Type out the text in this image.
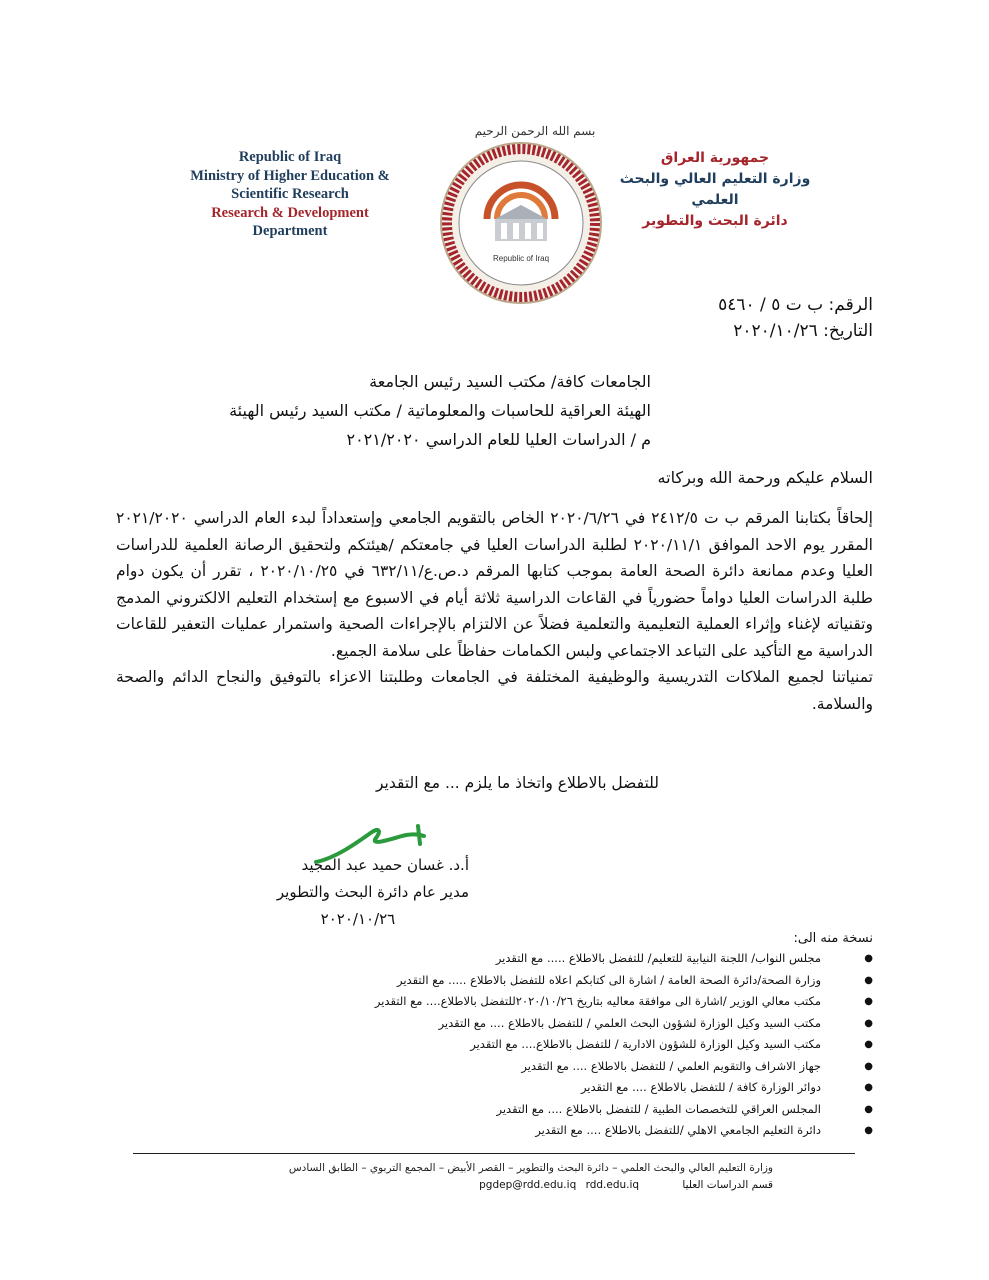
بسم الله الرحمن الرحيم
Republic of Iraq
Ministry of Higher Education &
Scientific Research
Research & Development
Department
Republic of Iraq
جمهورية العراق
وزارة التعليم العالي والبحث العلمي
دائرة البحث والتطوير
الرقم: ب ت ٥ / ٥٤٦٠
التاريخ: ٢٠٢٠/١٠/٢٦
الجامعات كافة/ مكتب السيد رئيس الجامعة
الهيئة العراقية للحاسبات والمعلوماتية / مكتب السيد رئيس الهيئة
م / الدراسات العليا للعام الدراسي ٢٠٢١/٢٠٢٠
السلام عليكم ورحمة الله وبركاته

إلحاقاً بكتابنا المرقم ب ت ٢٤١٢/٥ في ٢٠٢٠/٦/٢٦ الخاص بالتقويم الجامعي وإستعداداً لبدء العام الدراسي ٢٠٢١/٢٠٢٠ المقرر يوم الاحد الموافق ٢٠٢٠/١١/١ لطلبة الدراسات العليا في جامعتكم /هيئتكم ولتحقيق الرصانة العلمية للدراسات العليا وعدم ممانعة دائرة الصحة العامة بموجب كتابها المرقم د.ص.ع/٦٣٢/١١ في ٢٠٢٠/١٠/٢٥ ، تقرر أن يكون دوام طلبة الدراسات العليا دواماً حضورياً في القاعات الدراسية ثلاثة أيام في الاسبوع مع إستخدام التعليم الالكتروني المدمج وتقنياته لإغناء وإثراء العملية التعليمية والتعلمية فضلاً عن الالتزام بالإجراءات الصحية واستمرار عمليات التعفير للقاعات الدراسية مع التأكيد على التباعد الاجتماعي ولبس الكمامات حفاظاً على سلامة الجميع.

تمنياتنا لجميع الملاكات التدريسية والوظيفية المختلفة في الجامعات وطلبتنا الاعزاء بالتوفيق والنجاح الدائم والصحة والسلامة.

للتفضل بالاطلاع واتخاذ ما يلزم ... مع التقدير
أ.د. غسان حميد عبد المجيد
مدير عام دائرة البحث والتطوير
٢٠٢٠/١٠/٢٦
نسخة منه الى:
●
مجلس النواب/ اللجنة النيابية للتعليم/ للتفضل بالاطلاع ..... مع التقدير
●
وزارة الصحة/دائرة الصحة العامة / اشارة الى كتابكم اعلاه للتفضل بالاطلاع ..... مع التقدير
●
مكتب معالي الوزير /اشارة الى موافقة معاليه بتاريخ ٢٠٢٠/١٠/٢٦للتفضل بالاطلاع.... مع التقدير
●
مكتب السيد وكيل الوزارة لشؤون البحث العلمي / للتفضل بالاطلاع .... مع التقدير
●
مكتب السيد وكيل الوزارة للشؤون الادارية / للتفضل بالاطلاع.... مع التقدير
●
جهاز الاشراف والتقويم العلمي / للتفضل بالاطلاع .... مع التقدير
●
دوائر الوزارة كافة / للتفضل بالاطلاع .... مع التقدير
●
المجلس العراقي للتخصصات الطبية / للتفضل بالاطلاع .... مع التقدير
●
دائرة التعليم الجامعي الاهلي /للتفضل بالاطلاع .... مع التقدير
وزارة التعليم العالي والبحث العلمي – دائرة البحث والتطوير – القصر الأبيض – المجمع التربوي – الطابق السادس
قسم الدراسات العليا pgdep@rdd.edu.iq rdd.edu.iq
